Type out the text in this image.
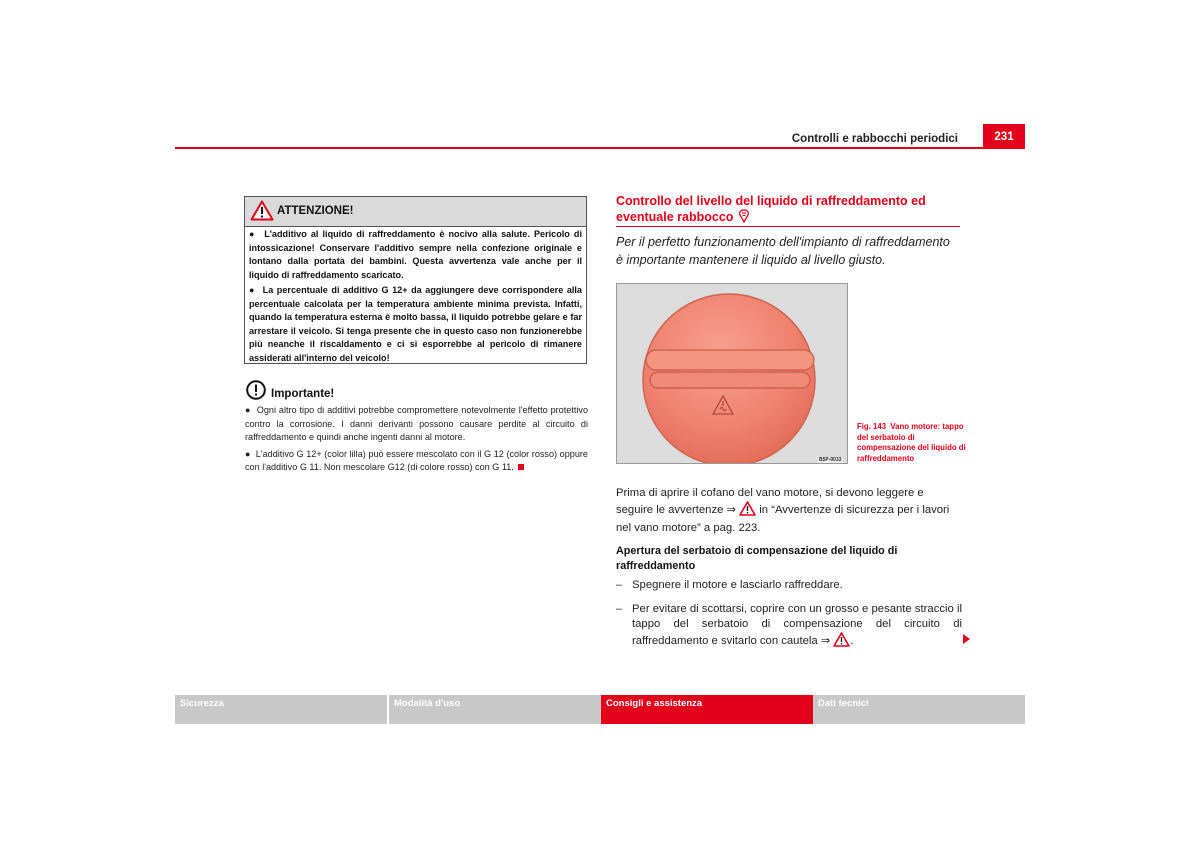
Controlli e rabbocchi periodici	231
ATTENZIONE!

●  L'additivo al liquido di raffreddamento è nocivo alla salute. Pericolo di intossicazione! Conservare l'additivo sempre nella confezione originale e lontano dalla portata dei bambini. Questa avvertenza vale anche per il liquido di raffreddamento scaricato.

●  La percentuale di additivo G 12+ da aggiungere deve corrispondere alla percentuale calcolata per la temperatura ambiente minima prevista. Infatti, quando la temperatura esterna è molto bassa, il liquido potrebbe gelare e far arrestare il veicolo. Si tenga presente che in questo caso non funzionerebbe più neanche il riscaldamento e ci si esporrebbe al pericolo di rimanere assiderati all'interno del veicolo!

Importante!

●  Ogni altro tipo di additivi potrebbe compromettere notevolmente l'effetto protettivo contro la corrosione. I danni derivanti possono causare perdite al circuito di raffreddamento e quindi anche ingenti danni al motore.

●  L'additivo G 12+ (color lilla) può essere mescolato con il G 12 (color rosso) oppure con l'additivo G 11. Non mescolare G12 (di colore rosso) con G 11.

Controllo del livello del liquido di raffreddamento ed eventuale rabbocco
Per il perfetto funzionamento dell'impianto di raffreddamento è importante mantenere il liquido al livello giusto.
B5P-0033
Fig. 143 Vano motore: tappo del serbatoio di compensazione del liquido di raffreddamento
Prima di aprire il cofano del vano motore, si devono leggere e seguire le avvertenze ⇒ in “Avvertenze di sicurezza per i lavori nel vano motore” a pag. 223.
Apertura del serbatoio di compensazione del liquido di raffreddamento
– Spegnere il motore e lasciarlo raffreddare.
– Per evitare di scottarsi, coprire con un grosso e pesante straccio il tappo del serbatoio di compensazione del circuito di raffreddamento e svitarlo con cautela ⇒ .
Sicurezza	Modalità d'uso	Consigli e assistenza	Dati tecnici
